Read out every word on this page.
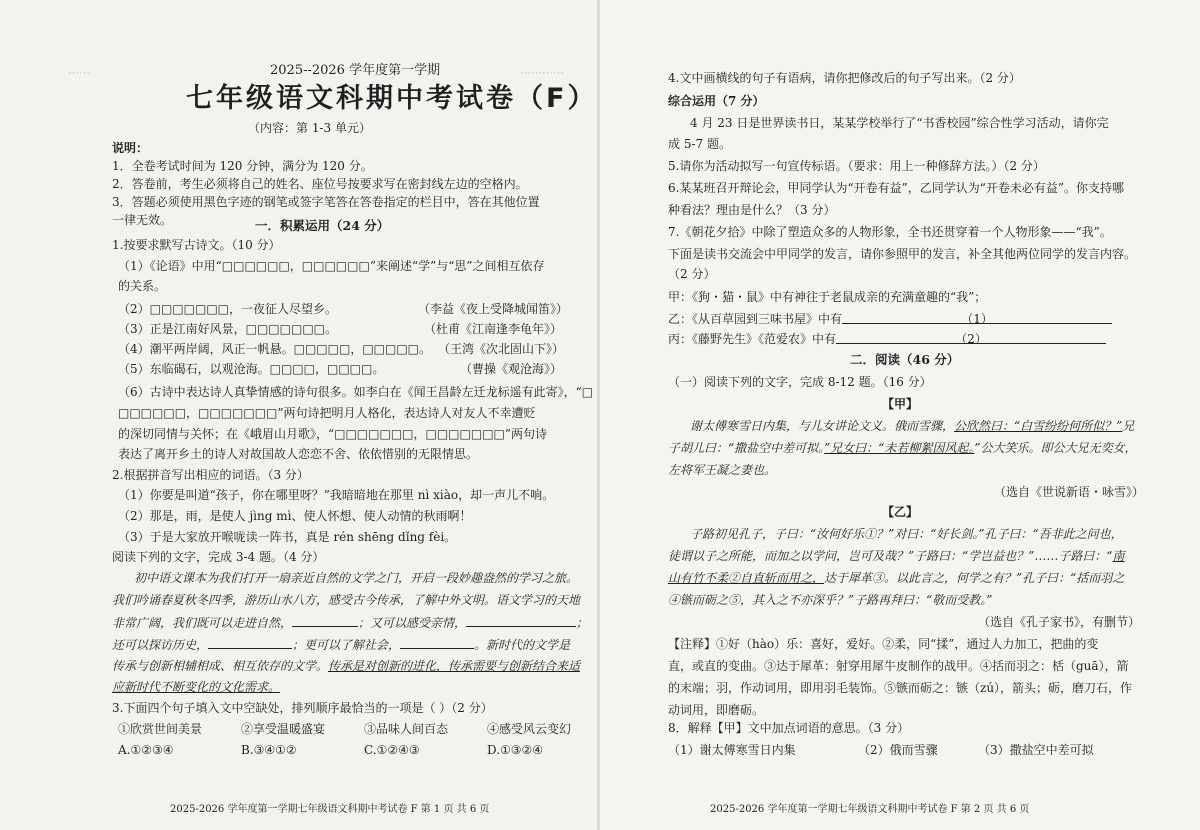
⋯⋯⋯⋯
⋯⋯	2025--2026 学年度第一学期
七年级语文科期中考试卷（F）
（内容：第 1-3 单元）
说明：
1．全卷考试时间为 120 分钟，满分为 120 分。
2．答卷前，考生必须将自己的姓名、座位号按要求写在密封线左边的空格内。
3．答题必须使用黑色字迹的钢笔或签字笔答在答卷指定的栏目中，答在其他位置
一律无效。	一．积累运用（24 分）
1.按要求默写古诗文。（10 分）
（1）《论语》中用“□□□□□□，□□□□□□”来阐述“学”与“思”之间相互依存
的关系。
（2）□□□□□□□，一夜征人尽望乡。	（李益《夜上受降城闻笛》）
（3）正是江南好风景，□□□□□□□。	（杜甫《江南逢李龟年》）
（4）潮平两岸阔，风正一帆悬。□□□□□，□□□□□。 （王湾《次北固山下》）
（5）东临碣石，以观沧海。□□□□，□□□□。	（曹操《观沧海》）
（6）古诗中表达诗人真挚情感的诗句很多。如李白在《闻王昌龄左迁龙标遥有此寄》，“□
□□□□□□，□□□□□□□”两句诗把明月人格化，表达诗人对友人不幸遭贬
的深切同情与关怀；在《峨眉山月歌》，“□□□□□□□，□□□□□□□”两句诗
表达了离开乡土的诗人对故国故人恋恋不舍、依依惜别的无限情思。
2.根据拼音写出相应的词语。（3 分）
（1）你要是叫道“孩子，你在哪里呀？”我暗暗地在那里 nì xiào，却一声儿不响。
（2）那是，雨，是使人 jìng mì、使人怀想、使人动情的秋雨啊！
（3）于是大家放开喉咙读一阵书，真是 rén shēng dǐng fèi。
阅读下列的文字，完成 3-4 题。（4 分）
初中语文课本为我们打开一扇亲近自然的文学之门，开启一段妙趣盎然的学习之旅。
我们吟诵春夏秋冬四季，游历山水八方，感受古今传承，了解中外文明。语文学习的天地
非常广阔，我们既可以走进自然，	；又可以感受亲情，	；
还可以探访历史，	；更可以了解社会，	。新时代的文学是
传承与创新相辅相成、相互依存的文学。传承是对创新的进化，传承需要与创新结合来适
应新时代不断变化的文化需求。
3.下面四个句子填入文中空缺处，排列顺序最恰当的一项是（ ）（2 分）
①欣赏世间美景	②享受温暖盛宴	③品味人间百态	④感受风云变幻
A.①②③④	B.③④①②	C.①②④③	D.①③②④
2025-2026 学年度第一学期七年级语文科期中考试卷 F 第 1 页 共 6 页
4.文中画横线的句子有语病，请你把修改后的句子写出来。（2 分）
综合运用（7 分）
4 月 23 日是世界读书日，某某学校举行了“书香校园”综合性学习活动，请你完
成 5-7 题。
5.请你为活动拟写一句宣传标语。（要求：用上一种修辞方法。）（2 分）
6.某某班召开辩论会，甲同学认为“开卷有益”，乙同学认为“开卷未必有益”。你支持哪
种看法？理由是什么？（3 分）
7.《朝花夕拾》中除了塑造众多的人物形象，全书还贯穿着一个人物形象——“我”。
下面是读书交流会中甲同学的发言，请你参照甲的发言，补全其他两位同学的发言内容。
（2 分）
甲：《狗・猫・鼠》中有神往于老鼠成亲的充满童趣的“我”；
乙：《从百草园到三味书屋》中有	（1）
丙：《藤野先生》《范爱农》中有	（2）
二．阅读（46 分）
（一）阅读下列的文字，完成 8-12 题。（16 分）
【甲】
谢太傅寒雪日内集，与儿女讲论文义。俄而雪骤，公欣然曰：“白雪纷纷何所似？”兄
子胡儿曰：“撒盐空中差可拟。”兄女曰：“未若柳絮因风起。”公大笑乐。即公大兄无奕女，
左将军王凝之妻也。
（选自《世说新语・咏雪》）
【乙】
子路初见孔子，子曰：“汝何好乐①？”对曰：“好长剑。”孔子曰：“吾非此之问也，
徒谓以子之所能，而加之以学问，岂可及哉？”子路曰：“学岂益也？”……子路曰：“南
山有竹不柔②自直斩而用之，达于犀革③。以此言之，何学之有？”孔子曰：“括而羽之
④镞而砺之⑤，其入之不亦深乎？”子路再拜曰：“敬而受教。”
（选自《孔子家书》，有删节）
【注释】①好（hào）乐：喜好，爱好。②柔，同“揉”，通过人力加工，把曲的变
直，或直的变曲。③达于犀革：射穿用犀牛皮制作的战甲。④括而羽之：栝（guā），箭
的末端；羽，作动词用，即用羽毛装饰。⑤镞而砺之：镞（zú），箭头；砺，磨刀石，作
动词用，即磨砺。
8．解释【甲】文中加点词语的意思。（3 分）
（1）谢太傅寒雪日内集	（2）俄而雪骤	（3）撒盐空中差可拟
2025-2026 学年度第一学期七年级语文科期中考试卷 F 第 2 页 共 6 页
